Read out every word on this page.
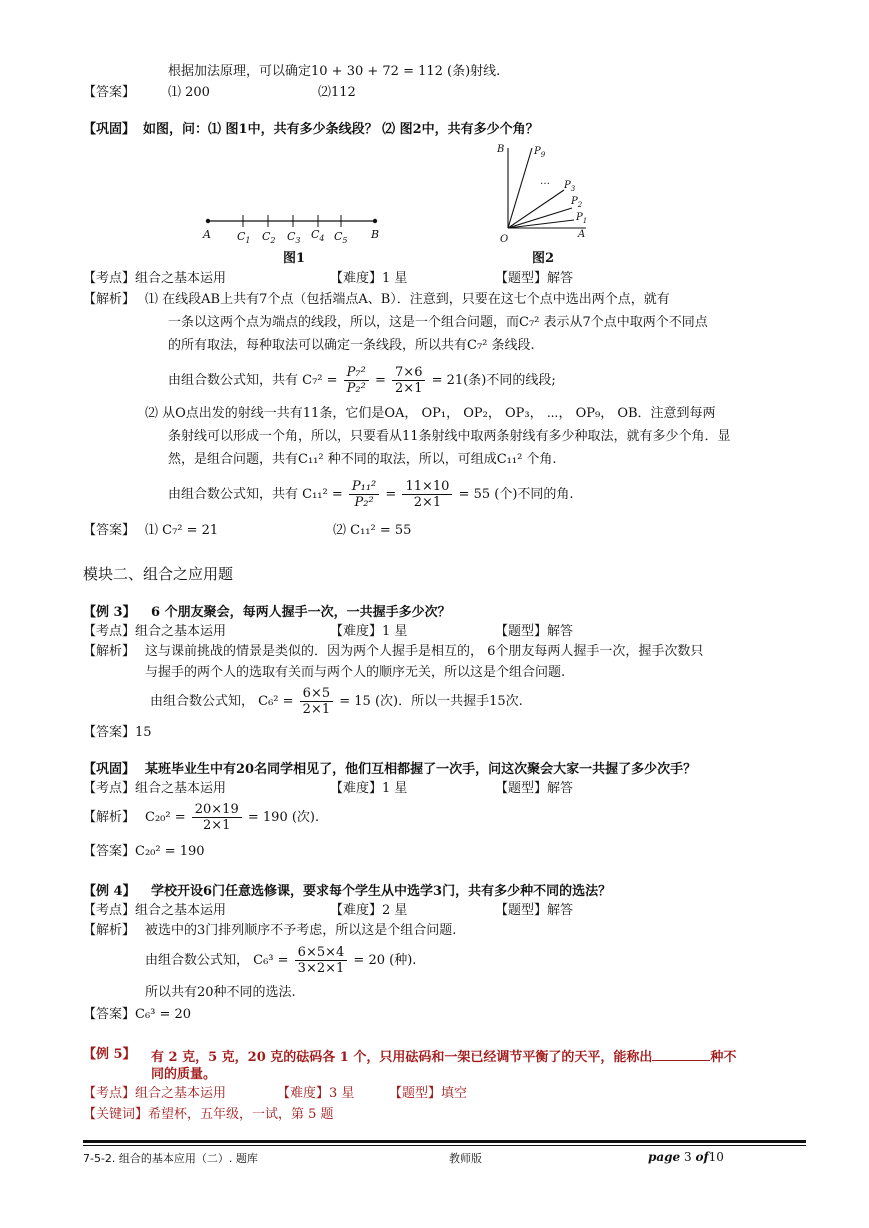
根据加法原理，可以确定10 + 30 + 72 = 112 (条)射线.
【答案】	⑴ 200	⑵112
【巩固】 如图，问：⑴ 图1中，共有多少条线段？ ⑵ 图2中，共有多少个角？
A $C_1$ $C_2$ $C_3$ $C_4$ $C_5$ B
图1
B	$P_9$
… $P_3$
$P_2$
$P_1$
A
O
图2
【考点】组合之基本运用	【难度】1 星	【题型】解答
【解析】 ⑴ 在线段AB上共有7个点（包括端点A、B）．注意到，只要在这七个点中选出两个点，就有
一条以这两个点为端点的线段，所以，这是一个组合问题，而C₇² 表示从7个点中取两个不同点
的所有取法，每种取法可以确定一条线段，所以共有C₇² 条线段.
由组合数公式知，共有 $C_7^2 = \frac{\text{P₇²}}{\text{P₂²}} = \frac{7\times 6}{2\times 1} = 21$(条)不同的线段;
⑵ 从O点出发的射线一共有11条，它们是OA， OP₁， OP₂， OP₃， ⋯， OP₉， OB．注意到每两
条射线可以形成一个角，所以，只要看从11条射线中取两条射线有多少种取法，就有多少个角．显
然，是组合问题，共有C₁₁² 种不同的取法，所以，可组成C₁₁² 个角.
由组合数公式知，共有 $C_{11}^2 = \frac{\text{P₁₁²}}{\text{P₂²}} = \frac{11\times 10}{2\times 1} = 55$ (个)不同的角.
【答案】 ⑴ C₇² = 21	⑵ C₁₁² = 55
模块二、组合之应用题
【例 3】 6 个朋友聚会，每两人握手一次，一共握手多少次？
【考点】组合之基本运用	【难度】1 星	【题型】解答
【解析】 这与课前挑战的情景是类似的．因为两个人握手是相互的， 6个朋友每两人握手一次，握手次数只
与握手的两个人的选取有关而与两个人的顺序无关，所以这是个组合问题.
由组合数公式知， $C_6^2 = \frac{6\times 5}{2\times 1} = 15$ (次)．所以一共握手15次.
【答案】15
【巩固】 某班毕业生中有20名同学相见了，他们互相都握了一次手，问这次聚会大家一共握了多少次手？
【考点】组合之基本运用	【难度】1 星	【题型】解答
【解析】 $C_{20}^2 = \frac{20\times 19}{2\times 1} = 190$ (次).
【答案】C₂₀² = 190
【例 4】 学校开设6门任意选修课，要求每个学生从中选学3门，共有多少种不同的选法？
【考点】组合之基本运用	【难度】2 星	【题型】解答
【解析】 被选中的3门排列顺序不予考虑，所以这是个组合问题.
由组合数公式知， $C_6^3 = \frac{6\times 5\times 4}{3\times 2\times 1} = 20$ (种).
所以共有20种不同的选法.
【答案】C₆³ = 20
【例 5】 有 2 克，5 克，20 克的砝码各 1 个，只用砝码和一架已经调节平衡了的天平，能称出	种不
同的质量。
【考点】组合之基本运用	【难度】3 星	【题型】填空
【关键词】希望杯，五年级，一试，第 5 题
7-5-2. 组合的基本应用（二）. 题库	教师版	page 3 of10
